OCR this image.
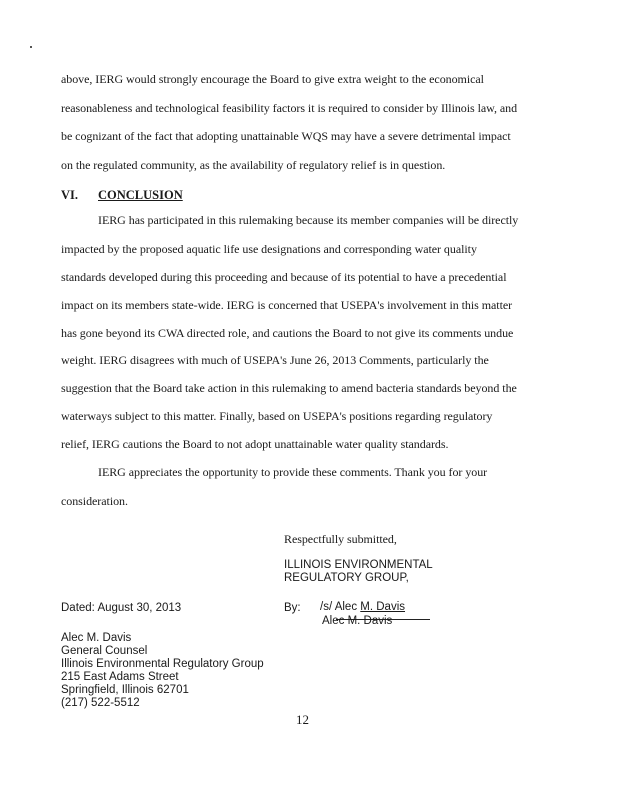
above, IERG would strongly encourage the Board to give extra weight to the economical
reasonableness and technological feasibility factors it is required to consider by Illinois law, and
be cognizant of the fact that adopting unattainable WQS may have a severe detrimental impact
on the regulated community, as the availability of regulatory relief is in question.
VI. CONCLUSION
IERG has participated in this rulemaking because its member companies will be directly
impacted by the proposed aquatic life use designations and corresponding water quality
standards developed during this proceeding and because of its potential to have a precedential
impact on its members state-wide. IERG is concerned that USEPA's involvement in this matter
has gone beyond its CWA directed role, and cautions the Board to not give its comments undue
weight. IERG disagrees with much of USEPA's June 26, 2013 Comments, particularly the
suggestion that the Board take action in this rulemaking to amend bacteria standards beyond the
waterways subject to this matter. Finally, based on USEPA's positions regarding regulatory
relief, IERG cautions the Board to not adopt unattainable water quality standards.
IERG appreciates the opportunity to provide these comments. Thank you for your
consideration.
Respectfully submitted,
ILLINOIS ENVIRONMENTAL
REGULATORY GROUP,
Dated: August 30, 2013	By: /s/ Alec M. Davis
Alec M. Davis
Alec M. Davis
General Counsel
Illinois Environmental Regulatory Group
215 East Adams Street
Springfield, Illinois 62701
(217) 522-5512
12
